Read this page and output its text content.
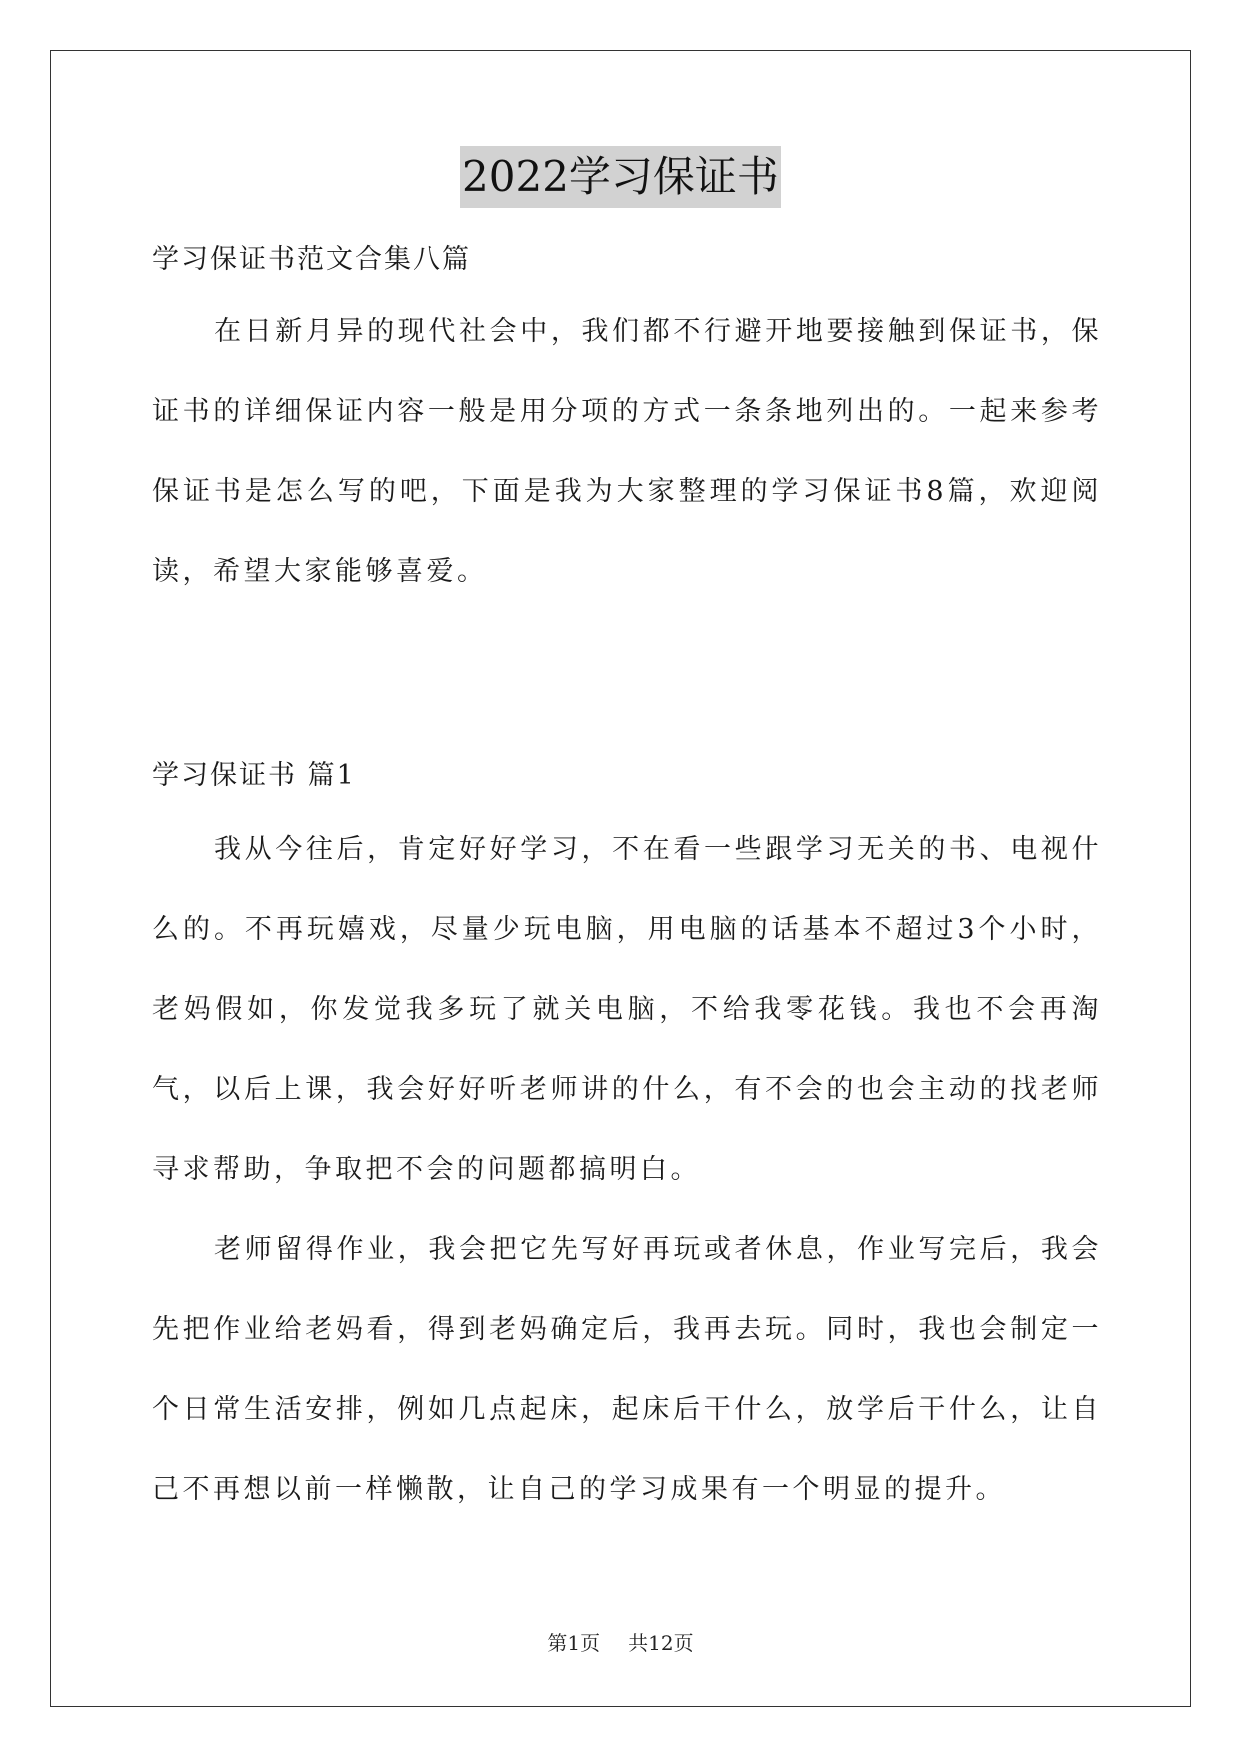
2022学习保证书
学习保证书范文合集八篇

在日新月异的现代社会中，我们都不行避开地要接触到保证书，保证书的详细保证内容一般是用分项的方式一条条地列出的。一起来参考保证书是怎么写的吧，下面是我为大家整理的学习保证书8篇，欢迎阅读，希望大家能够喜爱。

学习保证书 篇1

我从今往后，肯定好好学习，不在看一些跟学习无关的书、电视什么的。不再玩嬉戏，尽量少玩电脑，用电脑的话基本不超过3个小时，老妈假如，你发觉我多玩了就关电脑，不给我零花钱。我也不会再淘气，以后上课，我会好好听老师讲的什么，有不会的也会主动的找老师寻求帮助，争取把不会的问题都搞明白。

老师留得作业，我会把它先写好再玩或者休息，作业写完后，我会先把作业给老妈看，得到老妈确定后，我再去玩。同时，我也会制定一个日常生活安排，例如几点起床，起床后干什么，放学后干什么，让自己不再想以前一样懒散，让自己的学习成果有一个明显的提升。

第1页 共12页
